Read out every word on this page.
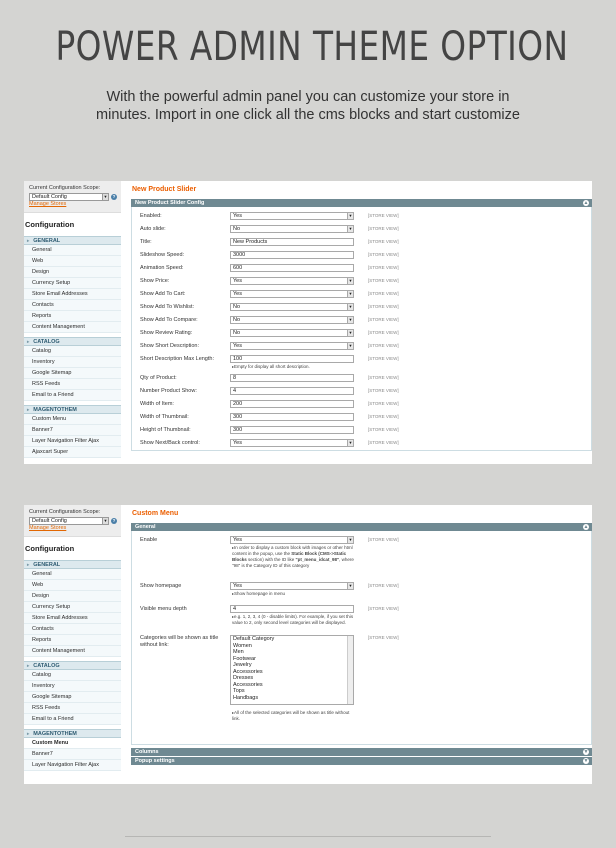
POWER ADMIN THEME OPTION
With the powerful admin panel you can customize your store in minutes. Import in one click all the cms blocks and start customize
Current Configuration Scope:
Default Config	▼	?
Manage Stores
Configuration
▸ GENERAL
General
Web
Design
Currency Setup
Store Email Addresses
Contacts
Reports
Content Management
▸ CATALOG
Catalog
Inventory
Google Sitemap
RSS Feeds
Email to a Friend
▸ MAGENTOTHEM
Custom Menu
Banner7
Layer Navigation Filter Ajax
Ajaxcart Super
New Product Slider
New Product Slider Config	▲
Enabled:	Yes	▼	[STORE VIEW]
Auto slide:	No	▼	[STORE VIEW]
Title:	New Products	[STORE VIEW]
Slideshow Speed:	3000	[STORE VIEW]
Animation Speed:	600	[STORE VIEW]
Show Price:	Yes	▼	[STORE VIEW]
Show Add To Cart:	Yes	▼	[STORE VIEW]
Show Add To Wishlist:	No	▼	[STORE VIEW]
Show Add To Compare:	No	▼	[STORE VIEW]
Show Review Rating:	No	▼	[STORE VIEW]
Show Short Description:	Yes	▼	[STORE VIEW]
Short Description Max Length:	100	[STORE VIEW]
▸ Empty for display all short description.
Qty of Product:	8	[STORE VIEW]
Number Product Show:	4	[STORE VIEW]
Width of Item:	200	[STORE VIEW]
Width of Thumbnail:	300	[STORE VIEW]
Height of Thumbnail:	300	[STORE VIEW]
Show Next/Back control:	Yes	▼	[STORE VIEW]
Current Configuration Scope:
Default Config	▼	?
Manage Stores
Configuration
▸ GENERAL
General
Web
Design
Currency Setup
Store Email Addresses
Contacts
Reports
Content Management
▸ CATALOG
Catalog
Inventory
Google Sitemap
RSS Feeds
Email to a Friend
▸ MAGENTOTHEM
Custom Menu
Banner7
Layer Navigation Filter Ajax
Custom Menu
General	▲
Enable	Yes	▼	[STORE VIEW]
▸ In order to display a custom block with images or other html content in the popup, use the Static Block (CMS->Static Blocks section) with the ID like "pt_menu_idcat_98", where "98" is the Category ID of this category
Show homepage	Yes	▼	[STORE VIEW]
▸ Show homepage in menu
Visible menu depth	4	[STORE VIEW]
▸ e.g. 1, 2, 3, 4 (0 - disable limits). For example, if you set this value to 2, only second level categories will be displayed.
Categories will be shown as title without link:
Default Category
Women
Men
Footwear
Jewelry
Accessories
Dresses
Accessories
Tops
Handbags
[STORE VIEW]
▸ All of the selected categories will be shown as title without link.
Columns	▼
Popup settings	▼
